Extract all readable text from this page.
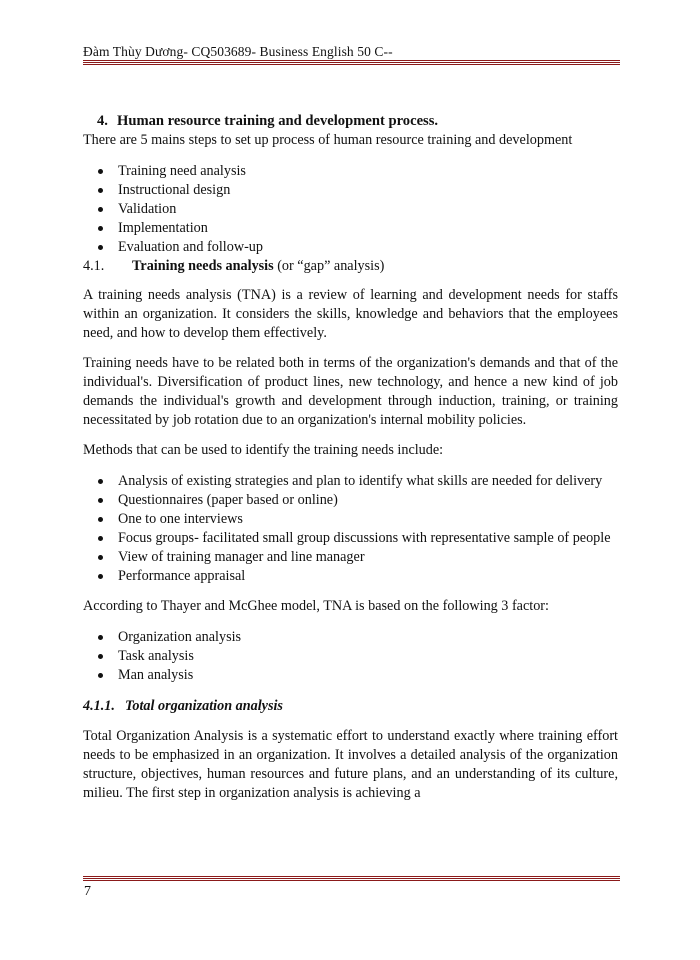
Đàm Thùy Dương- CQ503689- Business English 50 C--

4. Human resource training and development process.

There are 5 mains steps to set up process of human resource training and development

Training need analysis
Instructional design
Validation
Implementation
Evaluation and follow-up

4.1. Training needs analysis (or “gap” analysis)

A training needs analysis (TNA) is a review of learning and development needs for staffs within an organization. It considers the skills, knowledge and behaviors that the employees need, and how to develop them effectively.

Training needs have to be related both in terms of the organization's demands and that of the individual's. Diversification of product lines, new technology, and hence a new kind of job demands the individual's growth and development through induction, training, or training necessitated by job rotation due to an organization's internal mobility policies.

Methods that can be used to identify the training needs include:

Analysis of existing strategies and plan to identify what skills are needed for delivery
Questionnaires (paper based or online)
One to one interviews
Focus groups- facilitated small group discussions with representative sample of people
View of training manager and line manager
Performance appraisal

According to Thayer and McGhee model, TNA is based on the following 3 factor:

Organization analysis
Task analysis
Man analysis

4.1.1. Total organization analysis

Total Organization Analysis is a systematic effort to understand exactly where training effort needs to be emphasized in an organization. It involves a detailed analysis of the organization structure, objectives, human resources and future plans, and an understanding of its culture, milieu. The first step in organization analysis is achieving a

7
